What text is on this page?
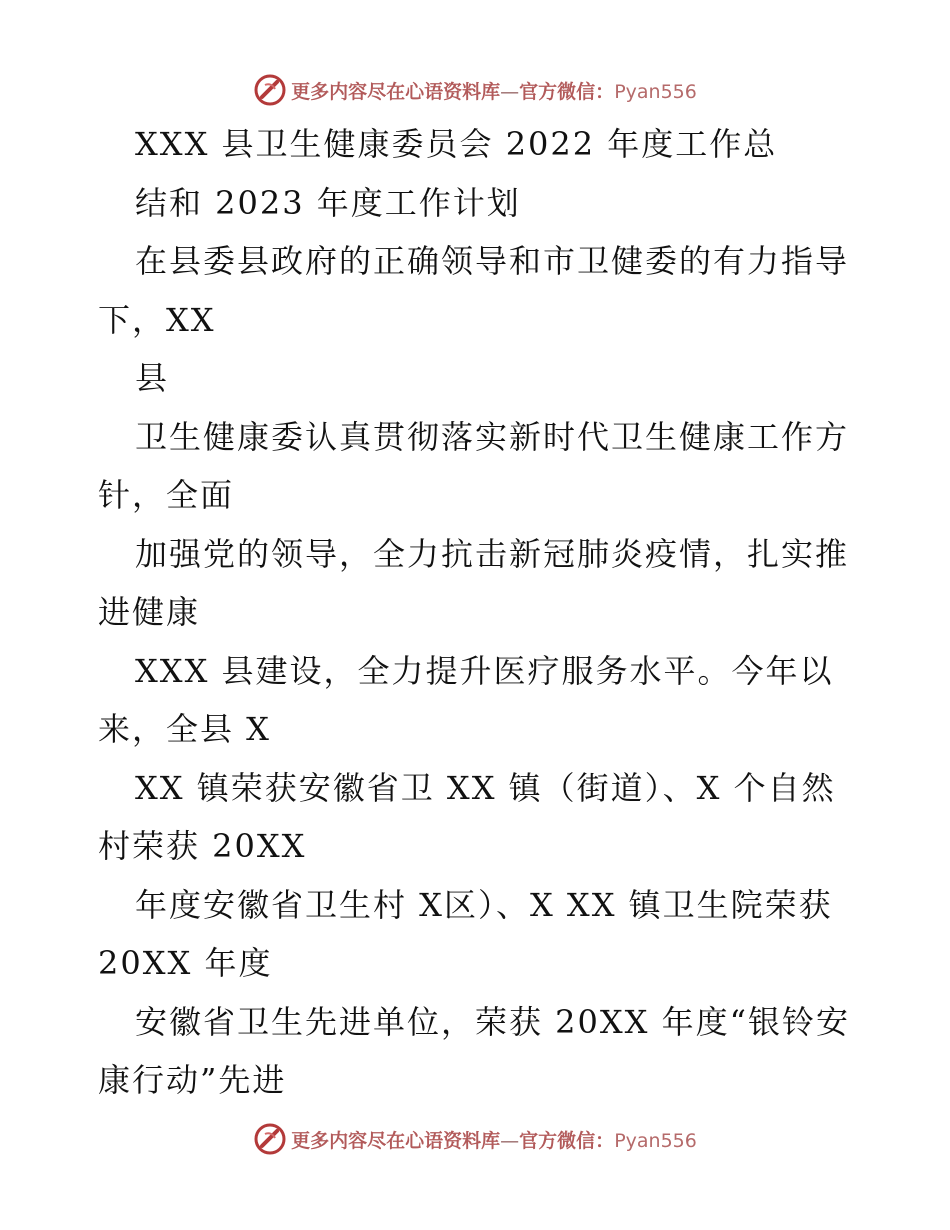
更多内容尽在心语资料库—官方微信：Pyan556
XXX 县卫生健康委员会 2022 年度工作总
结和 2023 年度工作计划
在县委县政府的正确领导和市卫健委的有力指导
下，XX
县
卫生健康委认真贯彻落实新时代卫生健康工作方
针，全面
加强党的领导，全力抗击新冠肺炎疫情，扎实推
进健康
XXX 县建设，全力提升医疗服务水平。今年以
来，全县 X
XX 镇荣获安徽省卫 XX 镇（街道）、X 个自然
村荣获 20XX
年度安徽省卫生村 X区）、X XX 镇卫生院荣获
20XX 年度
安徽省卫生先进单位，荣获 20XX 年度“银铃安
康行动”先进
更多内容尽在心语资料库—官方微信：Pyan556
